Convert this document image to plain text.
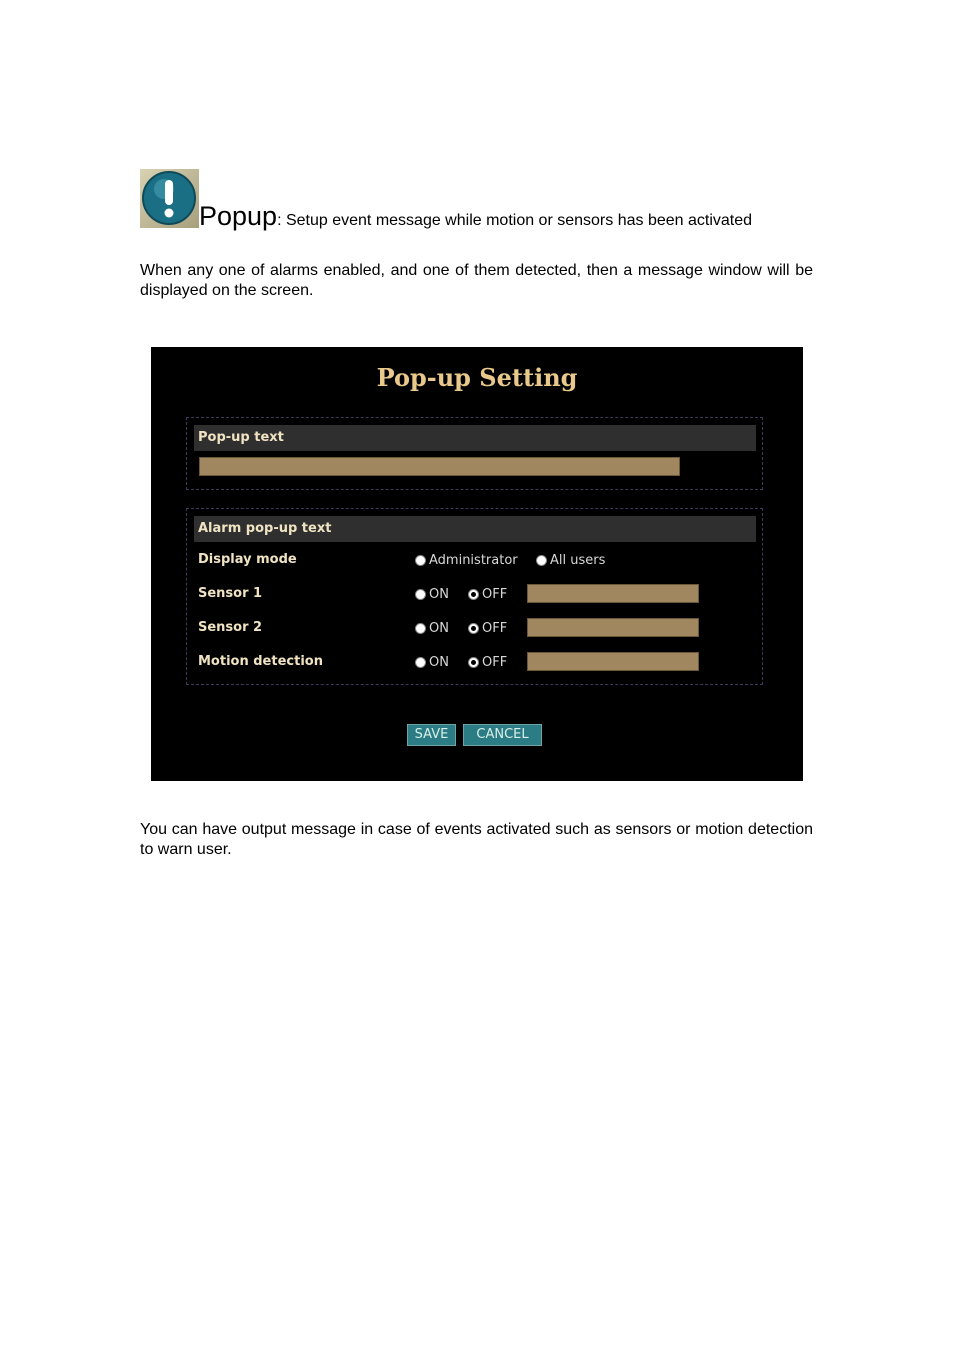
Popup: Setup event message while motion or sensors has been activated
When any one of alarms enabled, and one of them detected, then a message window will be displayed on the screen.
Pop-up Setting
Pop-up text
Alarm pop-up text
Display mode	Administrator All users
Sensor 1	ON	OFF
Sensor 2	ON	OFF
Motion detection	ON	OFF
SAVE	CANCEL
You can have output message in case of events activated such as sensors or motion detection to warn user.
